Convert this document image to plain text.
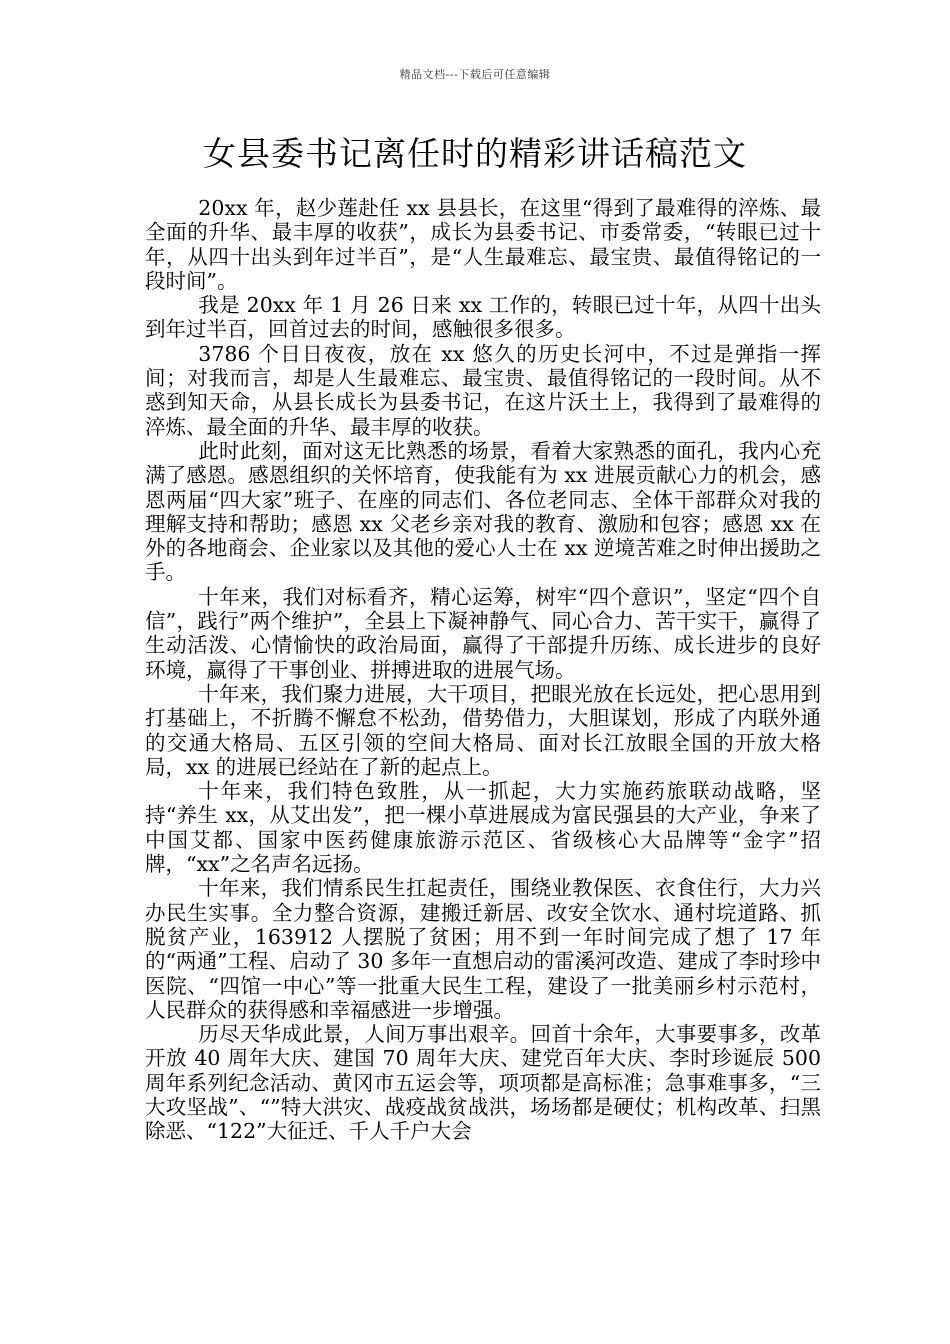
精品文档---下载后可任意编辑
女县委书记离任时的精彩讲话稿范文

20xx 年，赵少莲赴任 xx 县县长，在这里“得到了最难得的淬炼、最全面的升华、最丰厚的收获”，成长为县委书记、市委常委，“转眼已过十年，从四十出头到年过半百”，是“人生最难忘、最宝贵、最值得铭记的一段时间”。

我是 20xx 年 1 月 26 日来 xx 工作的，转眼已过十年，从四十出头到年过半百，回首过去的时间，感触很多很多。

3786 个日日夜夜，放在 xx 悠久的历史长河中，不过是弹指一挥间；对我而言，却是人生最难忘、最宝贵、最值得铭记的一段时间。从不惑到知天命，从县长成长为县委书记，在这片沃土上，我得到了最难得的淬炼、最全面的升华、最丰厚的收获。

此时此刻，面对这无比熟悉的场景，看着大家熟悉的面孔，我内心充满了感恩。感恩组织的关怀培育，使我能有为 xx 进展贡献心力的机会，感恩两届“四大家”班子、在座的同志们、各位老同志、全体干部群众对我的理解支持和帮助；感恩 xx 父老乡亲对我的教育、激励和包容；感恩 xx 在外的各地商会、企业家以及其他的爱心人士在 xx 逆境苦难之时伸出援助之手。

十年来，我们对标看齐，精心运筹，树牢“四个意识”，坚定“四个自信”，践行”两个维护”，全县上下凝神静气、同心合力、苦干实干，赢得了生动活泼、心情愉快的政治局面，赢得了干部提升历练、成长进步的良好环境，赢得了干事创业、拼搏进取的进展气场。

十年来，我们聚力进展，大干项目，把眼光放在长远处，把心思用到打基础上，不折腾不懈怠不松劲，借势借力，大胆谋划，形成了内联外通的交通大格局、五区引领的空间大格局、面对长江放眼全国的开放大格局，xx 的进展已经站在了新的起点上。

十年来，我们特色致胜，从一抓起，大力实施药旅联动战略，坚持“养生 xx，从艾出发”，把一棵小草进展成为富民强县的大产业，争来了中国艾都、国家中医药健康旅游示范区、省级核心大品牌等“金字”招牌，“xx”之名声名远扬。

十年来，我们情系民生扛起责任，围绕业教保医、衣食住行，大力兴办民生实事。全力整合资源，建搬迁新居、改安全饮水、通村垸道路、抓脱贫产业，163912 人摆脱了贫困；用不到一年时间完成了想了 17 年的“两通”工程、启动了 30 多年一直想启动的雷溪河改造、建成了李时珍中医院、“四馆一中心”等一批重大民生工程，建设了一批美丽乡村示范村，人民群众的获得感和幸福感进一步增强。

历尽天华成此景，人间万事出艰辛。回首十余年，大事要事多，改革开放 40 周年大庆、建国 70 周年大庆、建党百年大庆、李时珍诞辰 500 周年系列纪念活动、黄冈市五运会等，项项都是高标准；急事难事多，“三大攻坚战”、“”特大洪灾、战疫战贫战洪，场场都是硬仗；机构改革、扫黑除恶、“122”大征迁、千人千户大会
